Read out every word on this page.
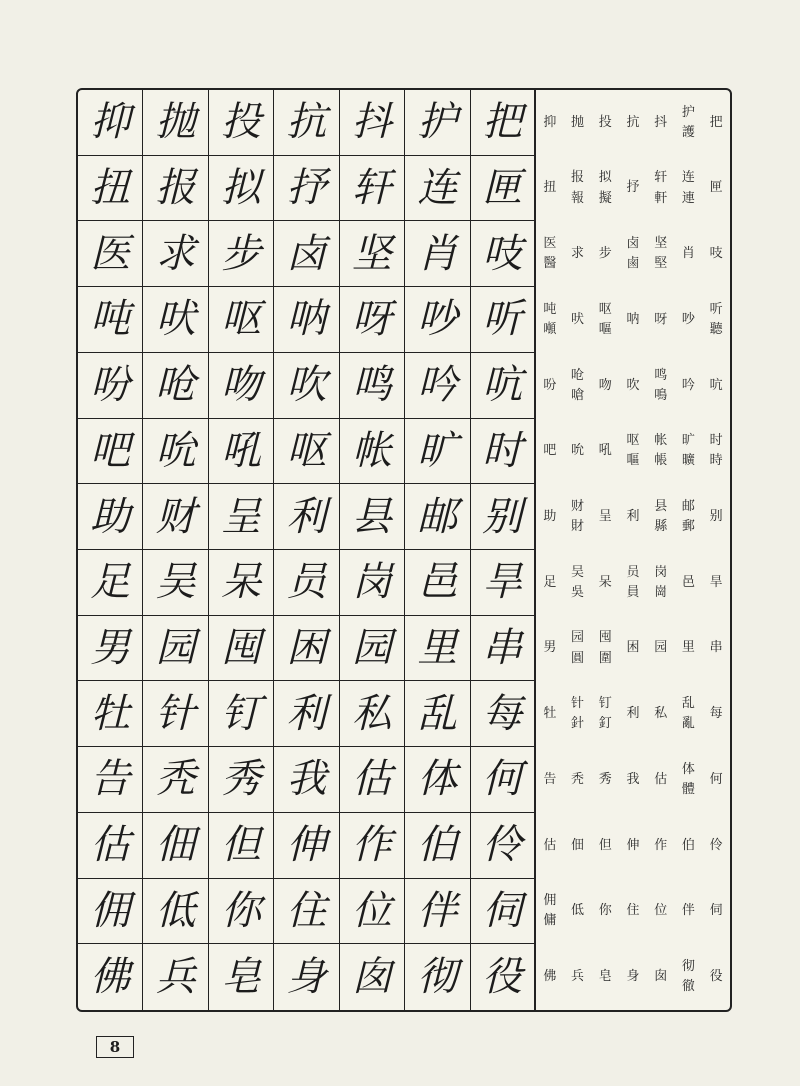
抑 抛 投 抗 抖 护 把
扭 报 拟 抒 轩 连 匣
医 求 步 卤 坚 肖 吱
吨 吠 呕 呐 呀 吵 听
吩 呛 吻 吹 鸣 吟 吭
吧 吮 吼 呕 帐 旷 时
助 财 呈 利 县 邮 别
足 吴 呆 员 岗 邑 旱
男 园 囤 困 园 里 串
牡 针 钉 利 私 乱 每
告 秃 秀 我 估 体 何
估 佃 但 伸 作 伯 伶
佣 低 你 住 位 伴 伺
佛 兵 皂 身 囱 彻 役
抑 抛 投 抗 抖
护
護
把
扭
报
報
拟
擬
抒
轩
軒
连
連
匣
医
醫
求 步
卤
鹵
坚
堅
肖 吱
吨
噸
吠
呕
嘔
呐 呀 吵
听
聽
吩
呛
嗆
吻 吹
鸣
鳴
吟 吭
吧 吮 吼
呕
嘔
帐
帳
旷
曠
时
時
助
财
財
呈 利
县
縣
邮
郵
别
足
吴
吳
呆
员
員
岗
崗
邑 旱
男
园
圓
囤
圍
困 园 里 串
牡
针
針
钉
釘
利 私
乱
亂
每
告 秃 秀 我 估
体
體
何
估 佃 但 伸 作 伯 伶
佣
傭
低 你 住 位 伴 伺
佛 兵 皂 身 囱
彻
徹
役
8
